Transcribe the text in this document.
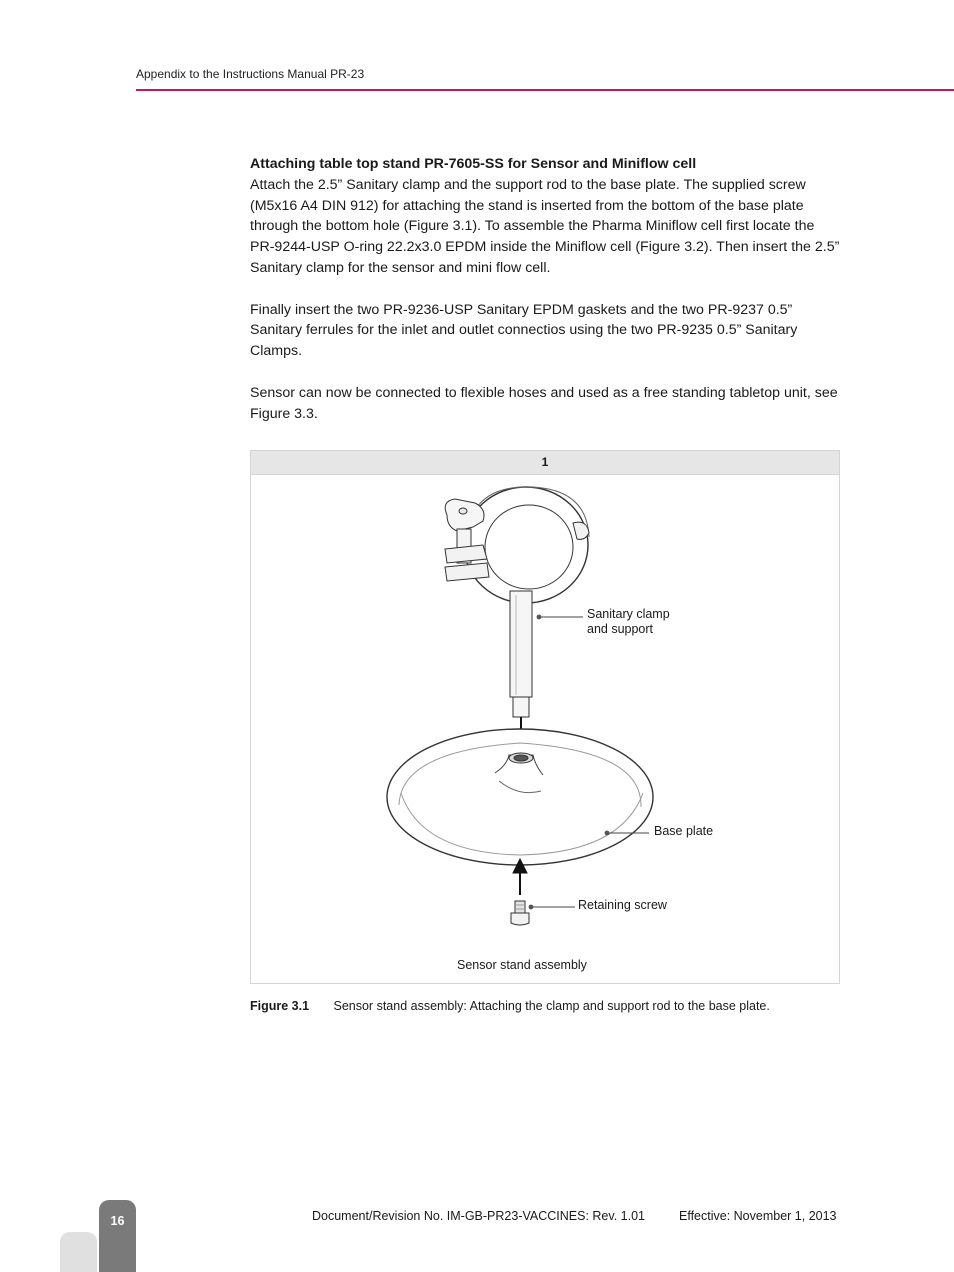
Appendix to the Instructions Manual PR-23

Attaching table top stand PR-7605-SS for Sensor and Miniflow cell
Attach the 2.5” Sanitary clamp and the support rod to the base plate. The supplied screw (M5x16 A4 DIN 912) for attaching the stand is inserted from the bottom of the base plate through the bottom hole (Figure 3.1). To assemble the Pharma Miniflow cell first locate the PR-9244-USP O-ring 22.2x3.0 EPDM inside the Miniflow cell (Figure 3.2). Then insert the 2.5” Sanitary clamp for the sensor and mini flow cell.

Finally insert the two PR-9236-USP Sanitary EPDM gaskets and the two PR-9237 0.5” Sanitary ferrules for the inlet and outlet connectios using the two PR-9235 0.5” Sanitary Clamps.

Sensor can now be connected to flexible hoses and used as a free standing tabletop unit, see Figure 3.3.

1
Sanitary clamp
and support
Base plate
Retaining screw
Sensor stand assembly
Figure 3.1 Sensor stand assembly: Attaching the clamp and support rod to the base plate.
16	Document/Revision No. IM-GB-PR23-VACCINES: Rev. 1.01	Effective: November 1, 2013
